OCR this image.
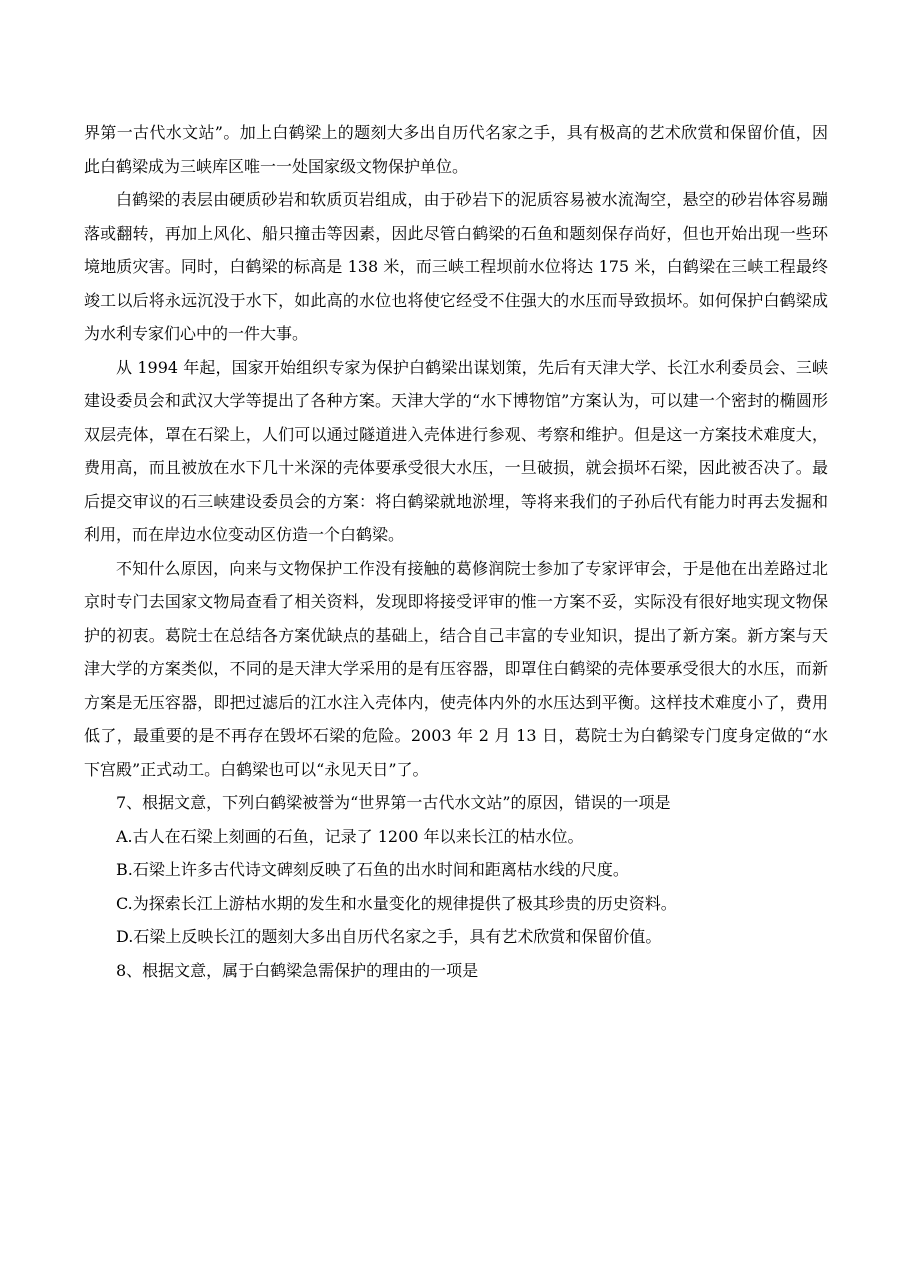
界第一古代水文站”。加上白鹤梁上的题刻大多出自历代名家之手，具有极高的艺术欣赏和保留价值，因此白鹤梁成为三峡库区唯一一处国家级文物保护单位。

白鹤梁的表层由硬质砂岩和软质页岩组成，由于砂岩下的泥质容易被水流淘空，悬空的砂岩体容易蹦落或翻转，再加上风化、船只撞击等因素，因此尽管白鹤梁的石鱼和题刻保存尚好，但也开始出现一些环境地质灾害。同时，白鹤梁的标高是 138 米，而三峡工程坝前水位将达 175 米，白鹤梁在三峡工程最终竣工以后将永远沉没于水下，如此高的水位也将使它经受不住强大的水压而导致损坏。如何保护白鹤梁成为水利专家们心中的一件大事。

从 1994 年起，国家开始组织专家为保护白鹤梁出谋划策，先后有天津大学、长江水利委员会、三峡建设委员会和武汉大学等提出了各种方案。天津大学的“水下博物馆”方案认为，可以建一个密封的椭圆形双层壳体，罩在石梁上，人们可以通过隧道进入壳体进行参观、考察和维护。但是这一方案技术难度大，费用高，而且被放在水下几十米深的壳体要承受很大水压，一旦破损，就会损坏石梁，因此被否决了。最后提交审议的石三峡建设委员会的方案：将白鹤梁就地淤埋，等将来我们的子孙后代有能力时再去发掘和利用，而在岸边水位变动区仿造一个白鹤梁。

不知什么原因，向来与文物保护工作没有接触的葛修润院士参加了专家评审会，于是他在出差路过北京时专门去国家文物局查看了相关资料，发现即将接受评审的惟一方案不妥，实际没有很好地实现文物保护的初衷。葛院士在总结各方案优缺点的基础上，结合自己丰富的专业知识，提出了新方案。新方案与天津大学的方案类似，不同的是天津大学采用的是有压容器，即罩住白鹤梁的壳体要承受很大的水压，而新方案是无压容器，即把过滤后的江水注入壳体内，使壳体内外的水压达到平衡。这样技术难度小了，费用低了，最重要的是不再存在毁坏石梁的危险。2003 年 2 月 13 日，葛院士为白鹤梁专门度身定做的“水下宫殿”正式动工。白鹤梁也可以“永见天日”了。

7、根据文意，下列白鹤梁被誉为“世界第一古代水文站”的原因，错误的一项是

A.古人在石梁上刻画的石鱼，记录了 1200 年以来长江的枯水位。

B.石梁上许多古代诗文碑刻反映了石鱼的出水时间和距离枯水线的尺度。

C.为探索长江上游枯水期的发生和水量变化的规律提供了极其珍贵的历史资料。

D.石梁上反映长江的题刻大多出自历代名家之手，具有艺术欣赏和保留价值。

8、根据文意，属于白鹤梁急需保护的理由的一项是
